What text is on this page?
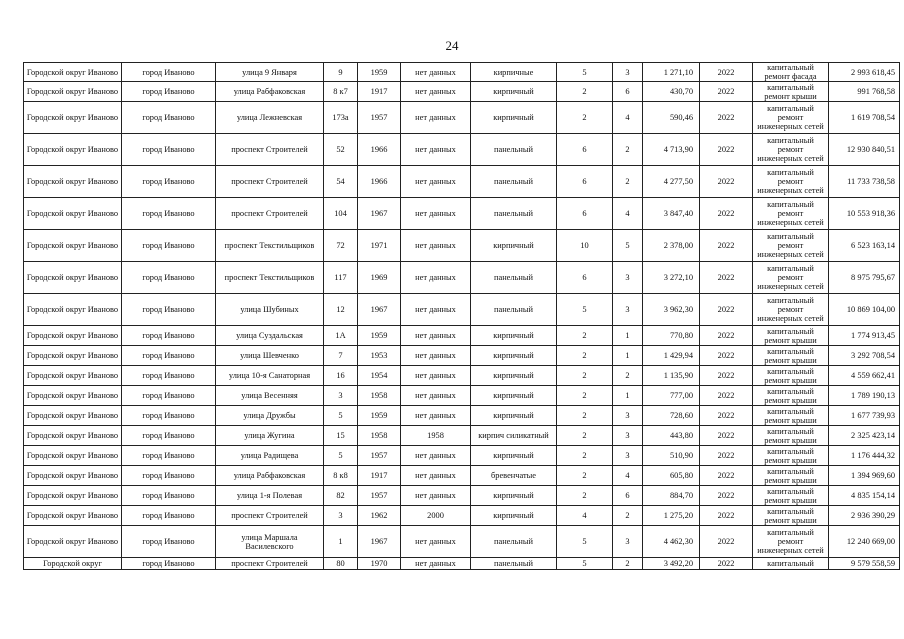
24
Городской округ Иваново	город Иваново	улица 9 Января	9	1959	нет данных	кирпичные	5	3	1 271,10	2022	капитальный ремонт фасада	2 993 618,45
Городской округ Иваново	город Иваново	улица Рабфаковская	8 к7	1917	нет данных	кирпичный	2	6	430,70	2022	капитальный ремонт крыши	991 768,58
Городской округ Иваново	город Иваново	улица Лежневская	173а	1957	нет данных	кирпичный	2	4	590,46	2022	капитальный ремонт инженерных сетей	1 619 708,54
Городской округ Иваново	город Иваново	проспект Строителей	52	1966	нет данных	панельный	6	2	4 713,90	2022	капитальный ремонт инженерных сетей	12 930 840,51
Городской округ Иваново	город Иваново	проспект Строителей	54	1966	нет данных	панельный	6	2	4 277,50	2022	капитальный ремонт инженерных сетей	11 733 738,58
Городской округ Иваново	город Иваново	проспект Строителей	104	1967	нет данных	панельный	6	4	3 847,40	2022	капитальный ремонт инженерных сетей	10 553 918,36
Городской округ Иваново	город Иваново	проспект Текстильщиков	72	1971	нет данных	кирпичный	10	5	2 378,00	2022	капитальный ремонт инженерных сетей	6 523 163,14
Городской округ Иваново	город Иваново	проспект Текстильщиков	117	1969	нет данных	панельный	6	3	3 272,10	2022	капитальный ремонт инженерных сетей	8 975 795,67
Городской округ Иваново	город Иваново	улица Шубиных	12	1967	нет данных	панельный	5	3	3 962,30	2022	капитальный ремонт инженерных сетей	10 869 104,00
Городской округ Иваново	город Иваново	улица Суздальская	1А	1959	нет данных	кирпичный	2	1	770,80	2022	капитальный ремонт крыши	1 774 913,45
Городской округ Иваново	город Иваново	улица Шевченко	7	1953	нет данных	кирпичный	2	1	1 429,94	2022	капитальный ремонт крыши	3 292 708,54
Городской округ Иваново	город Иваново	улица 10-я Санаторная	16	1954	нет данных	кирпичный	2	2	1 135,90	2022	капитальный ремонт крыши	4 559 662,41
Городской округ Иваново	город Иваново	улица Весенняя	3	1958	нет данных	кирпичный	2	1	777,00	2022	капитальный ремонт крыши	1 789 190,13
Городской округ Иваново	город Иваново	улица Дружбы	5	1959	нет данных	кирпичный	2	3	728,60	2022	капитальный ремонт крыши	1 677 739,93
Городской округ Иваново	город Иваново	улица Жугина	15	1958	1958	кирпич силикатный	2	3	443,80	2022	капитальный ремонт крыши	2 325 423,14
Городской округ Иваново	город Иваново	улица Радищева	5	1957	нет данных	кирпичный	2	3	510,90	2022	капитальный ремонт крыши	1 176 444,32
Городской округ Иваново	город Иваново	улица Рабфаковская	8 к8	1917	нет данных	бревенчатые	2	4	605,80	2022	капитальный ремонт крыши	1 394 969,60
Городской округ Иваново	город Иваново	улица 1-я Полевая	82	1957	нет данных	кирпичный	2	6	884,70	2022	капитальный ремонт крыши	4 835 154,14
Городской округ Иваново	город Иваново	проспект Строителей	3	1962	2000	кирпичный	4	2	1 275,20	2022	капитальный ремонт крыши	2 936 390,29
Городской округ Иваново	город Иваново	улица Маршала Василевского	1	1967	нет данных	панельный	5	3	4 462,30	2022	капитальный ремонт инженерных сетей	12 240 669,00
Городской округ	город Иваново	проспект Строителей	80	1970	нет данных	панельный	5	2	3 492,20	2022	капитальный	9 579 558,59
